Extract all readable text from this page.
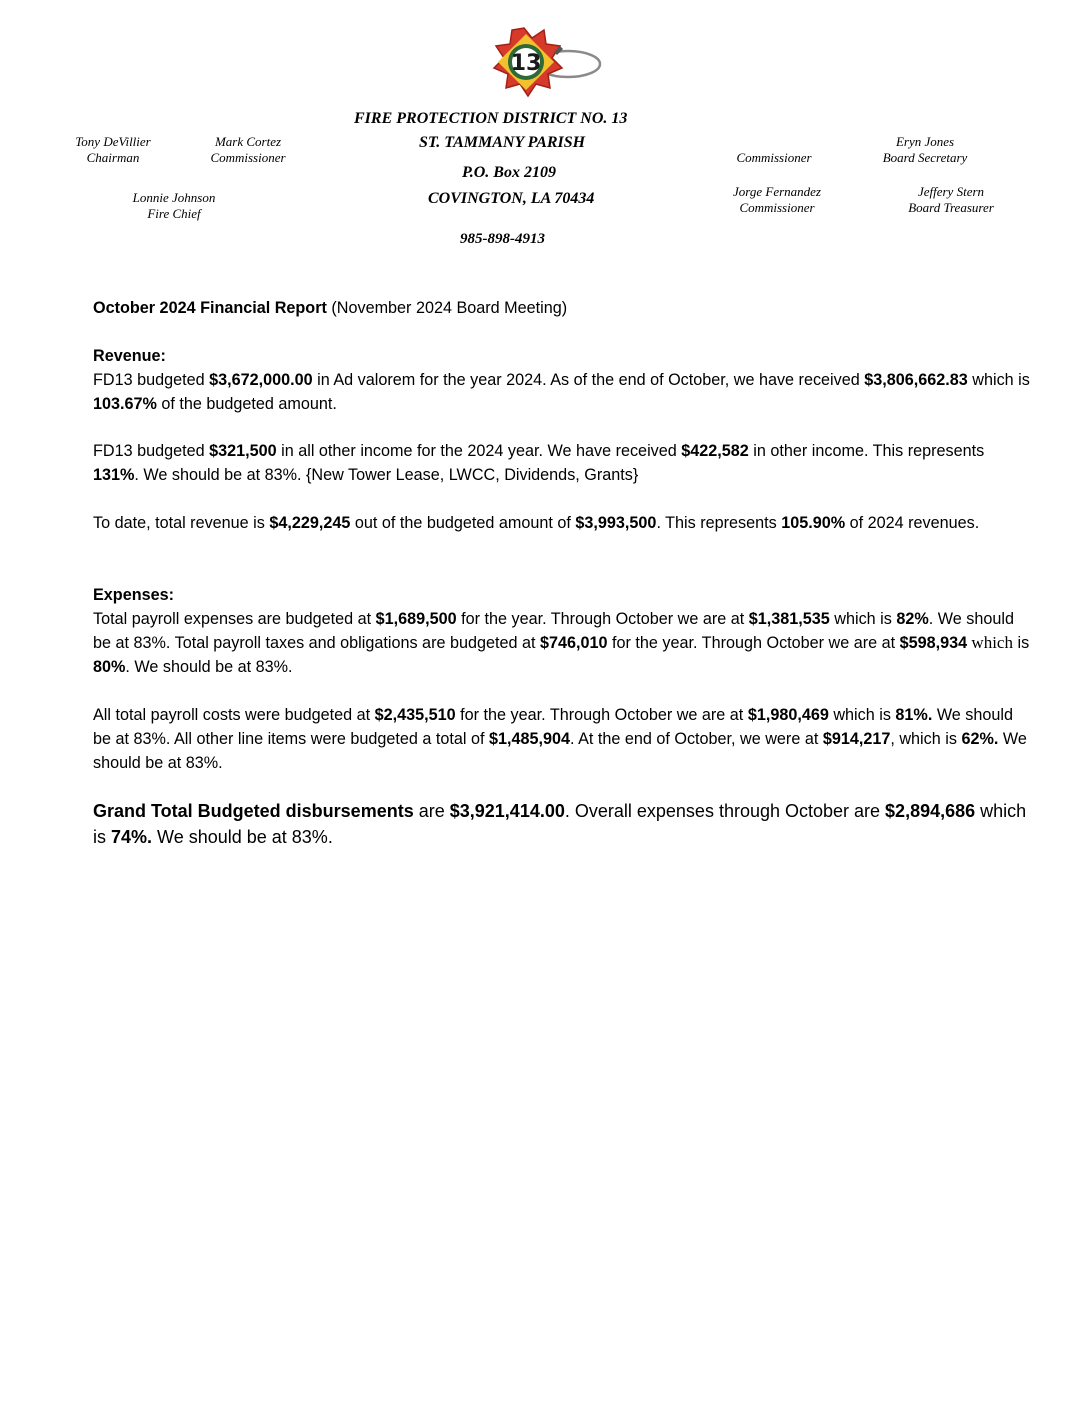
13
FIRE PROTECTION DISTRICT NO. 13
ST. TAMMANY PARISH
P.O. Box 2109
COVINGTON, LA 70434
985-898-4913
Tony DeVillier
Chairman
Mark Cortez
Commissioner
Lonnie Johnson
Fire Chief
Commissioner
Eryn Jones
Board Secretary
Jorge Fernandez
Commissioner
Jeffery Stern
Board Treasurer

October 2024 Financial Report (November 2024 Board Meeting)

Revenue:

FD13 budgeted $3,672,000.00 in Ad valorem for the year 2024. As of the end of October, we have received $3,806,662.83 which is 103.67% of the budgeted amount.

FD13 budgeted $321,500 in all other income for the 2024 year. We have received $422,582 in other income. This represents 131%. We should be at 83%. {New Tower Lease, LWCC, Dividends, Grants}

To date, total revenue is $4,229,245 out of the budgeted amount of $3,993,500. This represents 105.90% of 2024 revenues.

Expenses:

Total payroll expenses are budgeted at $1,689,500 for the year. Through October we are at $1,381,535 which is 82%. We should be at 83%. Total payroll taxes and obligations are budgeted at $746,010 for the year. Through October we are at $598,934 which is 80%. We should be at 83%.

All total payroll costs were budgeted at $2,435,510 for the year. Through October we are at $1,980,469 which is 81%. We should be at 83%. All other line items were budgeted a total of $1,485,904. At the end of October, we were at $914,217, which is 62%. We should be at 83%.

Grand Total Budgeted disbursements are $3,921,414.00. Overall expenses through October are $2,894,686 which is 74%. We should be at 83%.
